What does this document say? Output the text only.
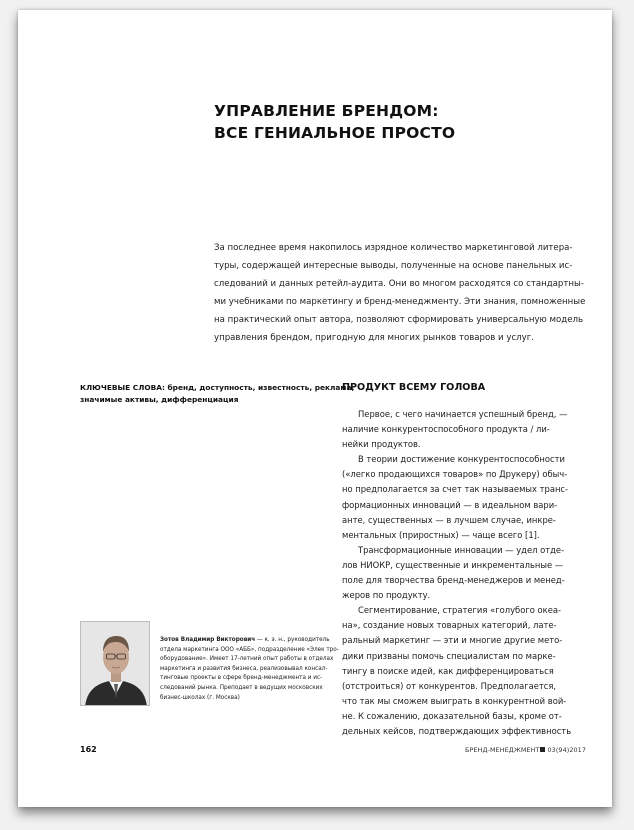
УПРАВЛЕНИЕ БРЕНДОМ:
ВСЕ ГЕНИАЛЬНОЕ ПРОСТО
За последнее время накопилось изрядное количество маркетинговой литера-
туры, содержащей интересные выводы, полученные на основе панельных ис-
следований и данных ретейл-аудита. Они во многом расходятся со стандартны-
ми учебниками по маркетингу и бренд-менеджменту. Эти знания, помноженные
на практический опыт автора, позволяют сформировать универсальную модель
управления брендом, пригодную для многих рынков товаров и услуг.
КЛЮЧЕВЫЕ СЛОВА: бренд, доступность, известность, реклама,
значимые активы, дифференциация
Зотов Владимир Викторович — к. э. н., руководитель
отдела маркетинга ООО «АББ», подразделение «Элек тро-
оборудование». Имеет 17-летний опыт работы в отделах
маркетинга и развития бизнеса, реализовывал консал-
тинговые проекты в сфере бренд-менеджмента и ис-
следований рынка. Преподает в ведущих московских
бизнес-школах (г. Москва)
ПРОДУКТ ВСЕМУ ГОЛОВА
Первое, с чего начинается успешный бренд, —
наличие конкурентоспособного продукта / ли-
нейки продуктов.
В теории достижение конкурентоспособности
(«легко продающихся товаров» по Друкеру) обыч-
но предполагается за счет так называемых транс-
формационных инноваций — в идеальном вари-
анте, существенных — в лучшем случае, инкре-
ментальных (приростных) — чаще всего [1].
Трансформационные инновации — удел отде-
лов НИОКР, существенные и инкрементальные —
поле для творчества бренд-менеджеров и менед-
жеров по продукту.
Сегментирование, стратегия «голубого океа-
на», создание новых товарных категорий, лате-
ральный маркетинг — эти и многие другие мето-
дики призваны помочь специалистам по марке-
тингу в поиске идей, как дифференцироваться
(отстроиться) от конкурентов. Предполагается,
что так мы сможем выиграть в конкурентной вой-
не. К сожалению, доказательной базы, кроме от-
дельных кейсов, подтверждающих эффективность
162	БРЕНД-МЕНЕДЖМЕНТ 03(94)2017
